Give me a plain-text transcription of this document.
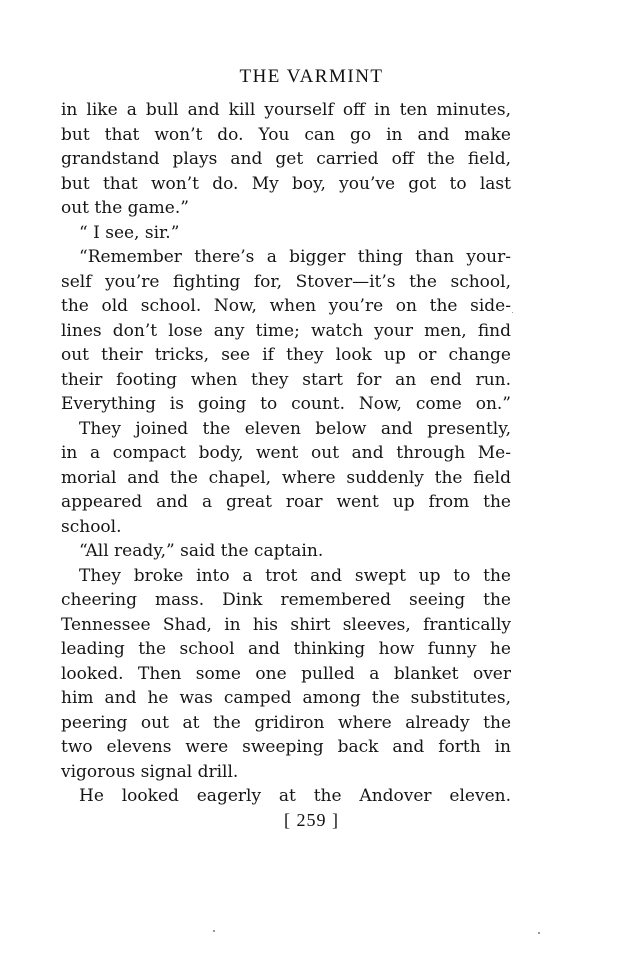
THE VARMINT
in like a bull and kill yourself off in ten minutes,
but that won’t do. You can go in and make
grandstand plays and get carried off the field,
but that won’t do. My boy, you’ve got to last
out the game.”
“ I see, sir.”
“Remember there’s a bigger thing than your-
self you’re fighting for, Stover—it’s the school,
the old school. Now, when you’re on the side-
lines don’t lose any time; watch your men, find
out their tricks, see if they look up or change
their footing when they start for an end run.
Everything is going to count. Now, come on.”
They joined the eleven below and presently,
in a compact body, went out and through Me-
morial and the chapel, where suddenly the field
appeared and a great roar went up from the
school.
“All ready,” said the captain.
They broke into a trot and swept up to the
cheering mass. Dink remembered seeing the
Tennessee Shad, in his shirt sleeves, frantically
leading the school and thinking how funny he
looked. Then some one pulled a blanket over
him and he was camped among the substitutes,
peering out at the gridiron where already the
two elevens were sweeping back and forth in
vigorous signal drill.
He looked eagerly at the Andover eleven.
[ 259 ]
